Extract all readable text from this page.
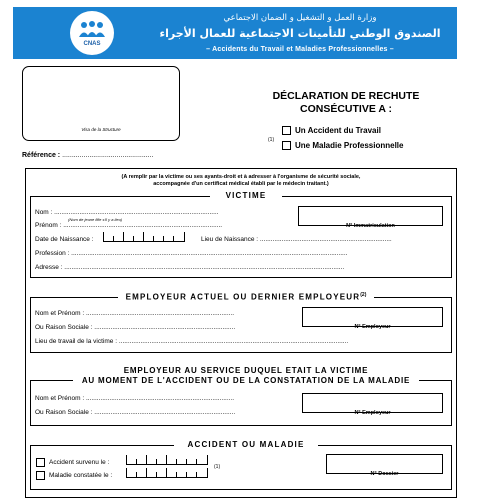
CNAS
وزارة العمل و التشغيل و الضمان الاجتماعي
الصندوق الوطني للتأمينات الاجتماعية للعمال الأجراء
– Accidents du Travail et Maladies Professionnelles –
Visa de la Structure
DÉCLARATION DE RECHUTE
CONSÉCUTIVE A :
(1)
Un Accident du Travail
Une Maladie Professionnelle
Référence : ...............................................
(A remplir par la victime ou ses ayants-droit et à adresser à l'organisme de sécurité sociale,
accompagnée d'un certificat médical établi par le médecin traitant.)
VICTIME
Nom : ...........................................................................................
(Nom de jeune fille s'il y a lieu)
Prénom : ........................................................................................	N° Immatriculation
Date de Naissance :	Lieu de Naissance : .........................................................................
Profession : .........................................................................................................................................................
Adresse : ...........................................................................................................................................................
EMPLOYEUR ACTUEL OU DERNIER EMPLOYEUR$^{(2)}$
Nom et Prénom : ..................................................................................
Ou Raison Sociale : ..............................................................................	N° Employeur
Lieu de travail de la victime : ...............................................................................................................................
EMPLOYEUR AU SERVICE DUQUEL ETAIT LA VICTIME
AU MOMENT DE L'ACCIDENT OU DE LA CONSTATATION DE LA MALADIE
Nom et Prénom : ..................................................................................
Ou Raison Sociale : ..............................................................................	N° Employeur
ACCIDENT OU MALADIE
Accident survenu le :
(1)
Maladie constatée le :	N° Dossier
